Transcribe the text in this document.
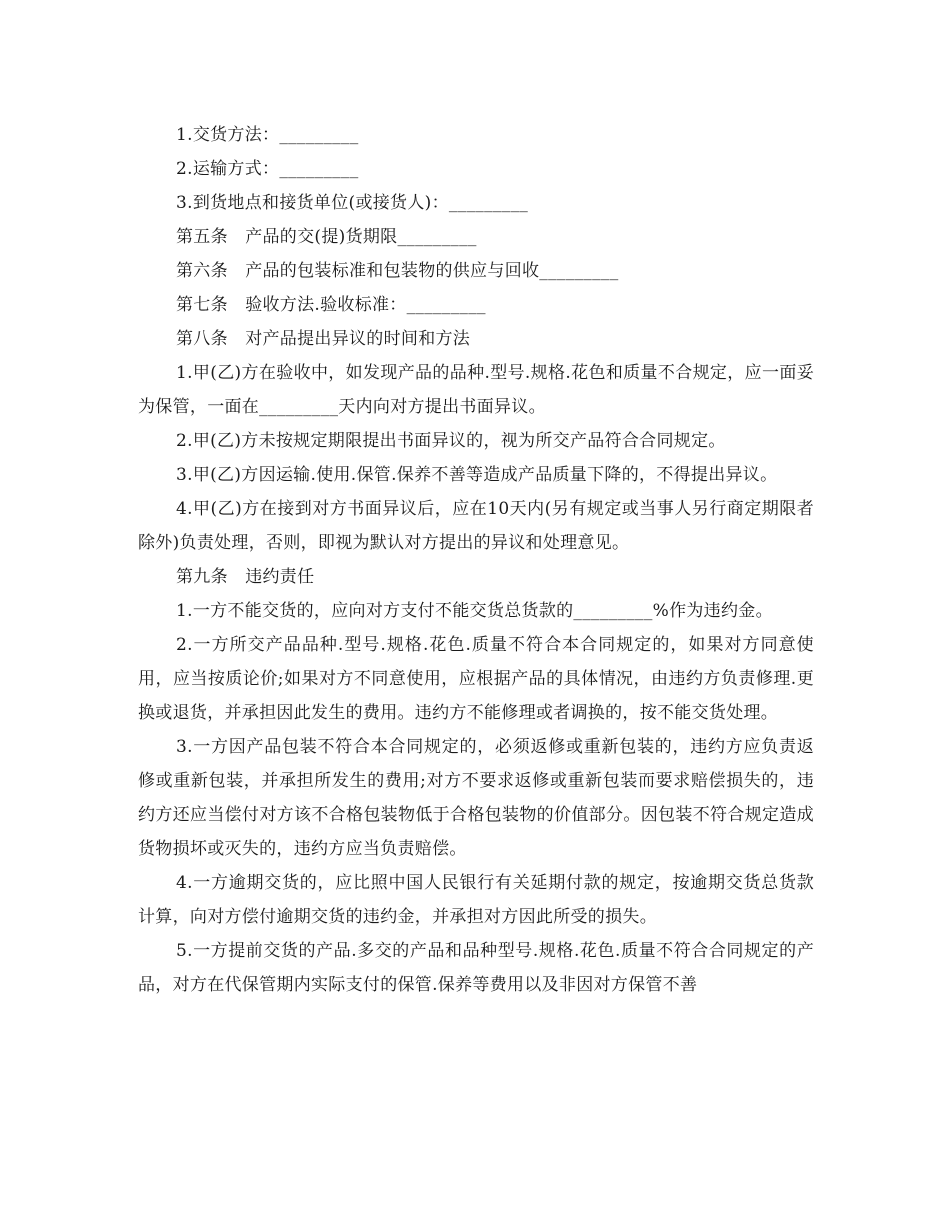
1.交货方法：_________

2.运输方式：_________

3.到货地点和接货单位(或接货人)：_________

第五条　产品的交(提)货期限_________

第六条　产品的包装标准和包装物的供应与回收_________

第七条　验收方法.验收标准：_________

第八条　对产品提出异议的时间和方法

1.甲(乙)方在验收中，如发现产品的品种.型号.规格.花色和质量不合规定，应一面妥为保管，一面在_________天内向对方提出书面异议。

2.甲(乙)方未按规定期限提出书面异议的，视为所交产品符合合同规定。

3.甲(乙)方因运输.使用.保管.保养不善等造成产品质量下降的，不得提出异议。

4.甲(乙)方在接到对方书面异议后，应在10天内(另有规定或当事人另行商定期限者除外)负责处理，否则，即视为默认对方提出的异议和处理意见。

第九条　违约责任

1.一方不能交货的，应向对方支付不能交货总货款的_________%作为违约金。

2.一方所交产品品种.型号.规格.花色.质量不符合本合同规定的，如果对方同意使用，应当按质论价;如果对方不同意使用，应根据产品的具体情况，由违约方负责修理.更换或退货，并承担因此发生的费用。违约方不能修理或者调换的，按不能交货处理。

3.一方因产品包装不符合本合同规定的，必须返修或重新包装的，违约方应负责返修或重新包装，并承担所发生的费用;对方不要求返修或重新包装而要求赔偿损失的，违约方还应当偿付对方该不合格包装物低于合格包装物的价值部分。因包装不符合规定造成货物损坏或灭失的，违约方应当负责赔偿。

4.一方逾期交货的，应比照中国人民银行有关延期付款的规定，按逾期交货总货款计算，向对方偿付逾期交货的违约金，并承担对方因此所受的损失。

5.一方提前交货的产品.多交的产品和品种型号.规格.花色.质量不符合合同规定的产品，对方在代保管期内实际支付的保管.保养等费用以及非因对方保管不善
